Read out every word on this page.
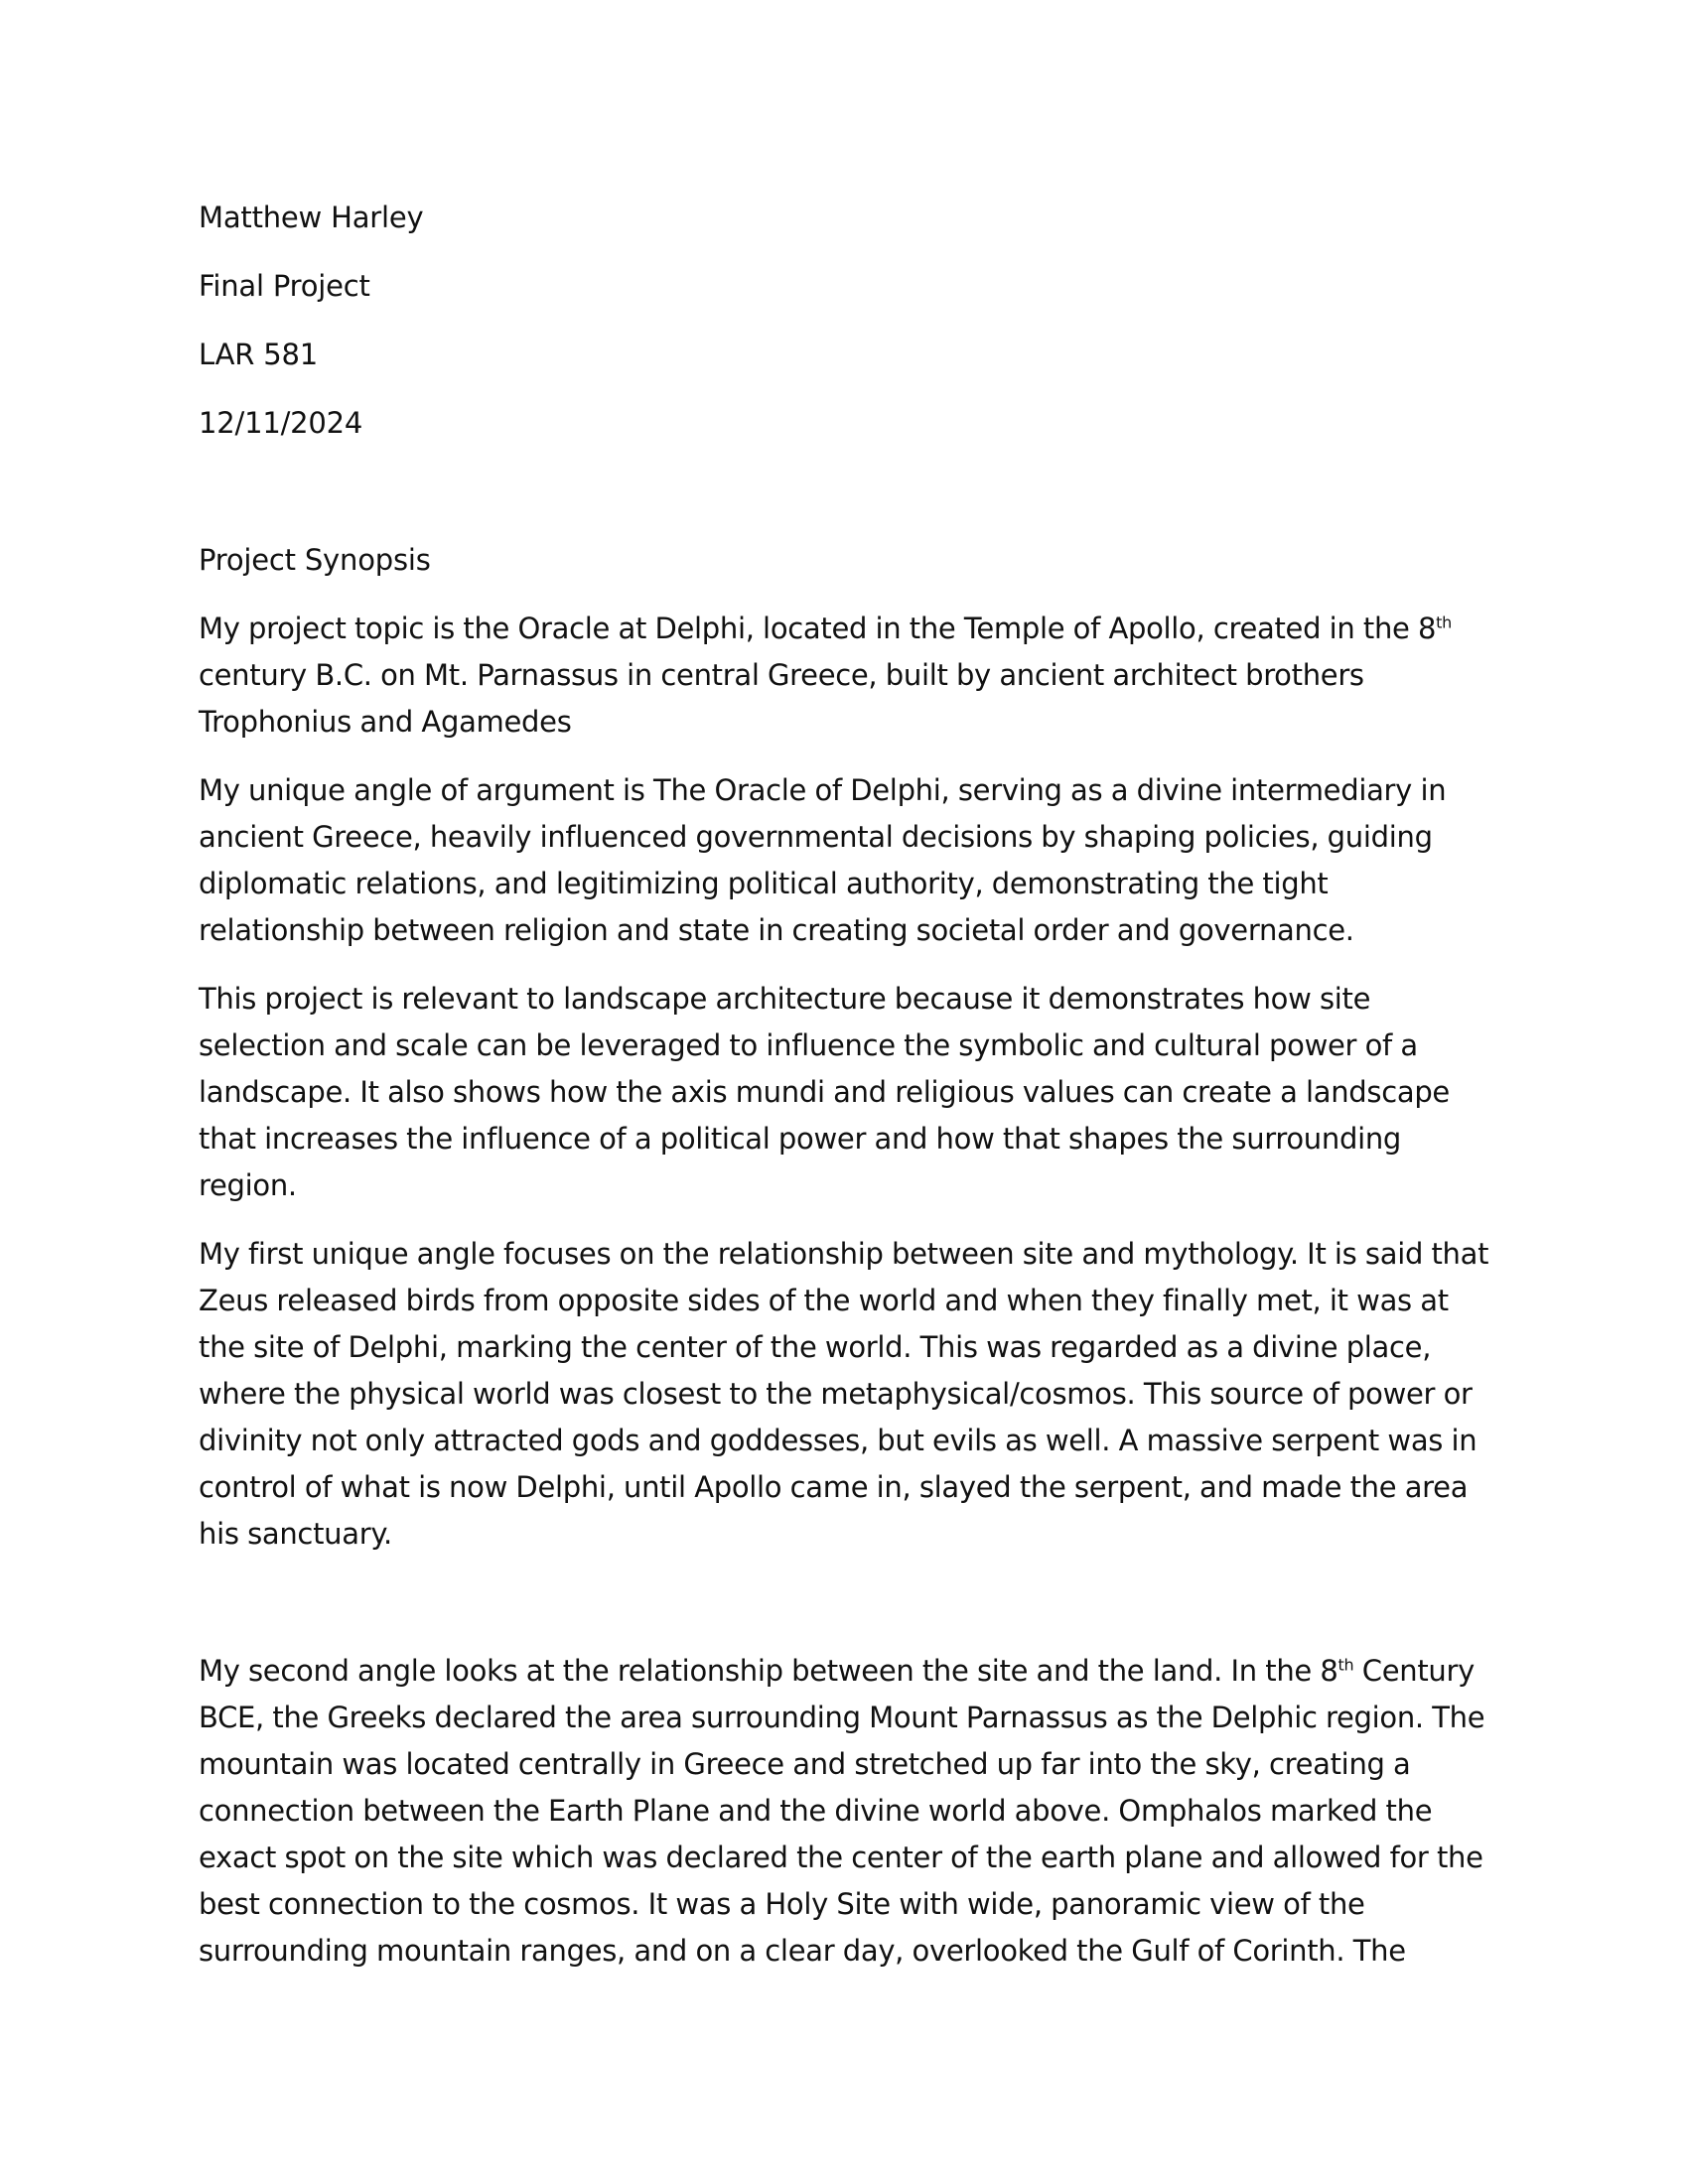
Matthew Harley
Final Project
LAR 581
12/11/2024
Project Synopsis

My project topic is the Oracle at Delphi, located in the Temple of Apollo, created in the 8th century B.C. on Mt. Parnassus in central Greece, built by ancient architect brothers Trophonius and Agamedes

My unique angle of argument is The Oracle of Delphi, serving as a divine intermediary in ancient Greece, heavily influenced governmental decisions by shaping policies, guiding diplomatic relations, and legitimizing political authority, demonstrating the tight relationship between religion and state in creating societal order and governance.

This project is relevant to landscape architecture because it demonstrates how site selection and scale can be leveraged to influence the symbolic and cultural power of a landscape. It also shows how the axis mundi and religious values can create a landscape that increases the influence of a political power and how that shapes the surrounding region.

My first unique angle focuses on the relationship between site and mythology. It is said that Zeus released birds from opposite sides of the world and when they finally met, it was at the site of Delphi, marking the center of the world. This was regarded as a divine place, where the physical world was closest to the metaphysical/cosmos. This source of power or divinity not only attracted gods and goddesses, but evils as well. A massive serpent was in control of what is now Delphi, until Apollo came in, slayed the serpent, and made the area his sanctuary.

My second angle looks at the relationship between the site and the land. In the 8th Century BCE, the Greeks declared the area surrounding Mount Parnassus as the Delphic region. The mountain was located centrally in Greece and stretched up far into the sky, creating a connection between the Earth Plane and the divine world above. Omphalos marked the exact spot on the site which was declared the center of the earth plane and allowed for the best connection to the cosmos. It was a Holy Site with wide, panoramic view of the surrounding mountain ranges, and on a clear day, overlooked the Gulf of Corinth. The
